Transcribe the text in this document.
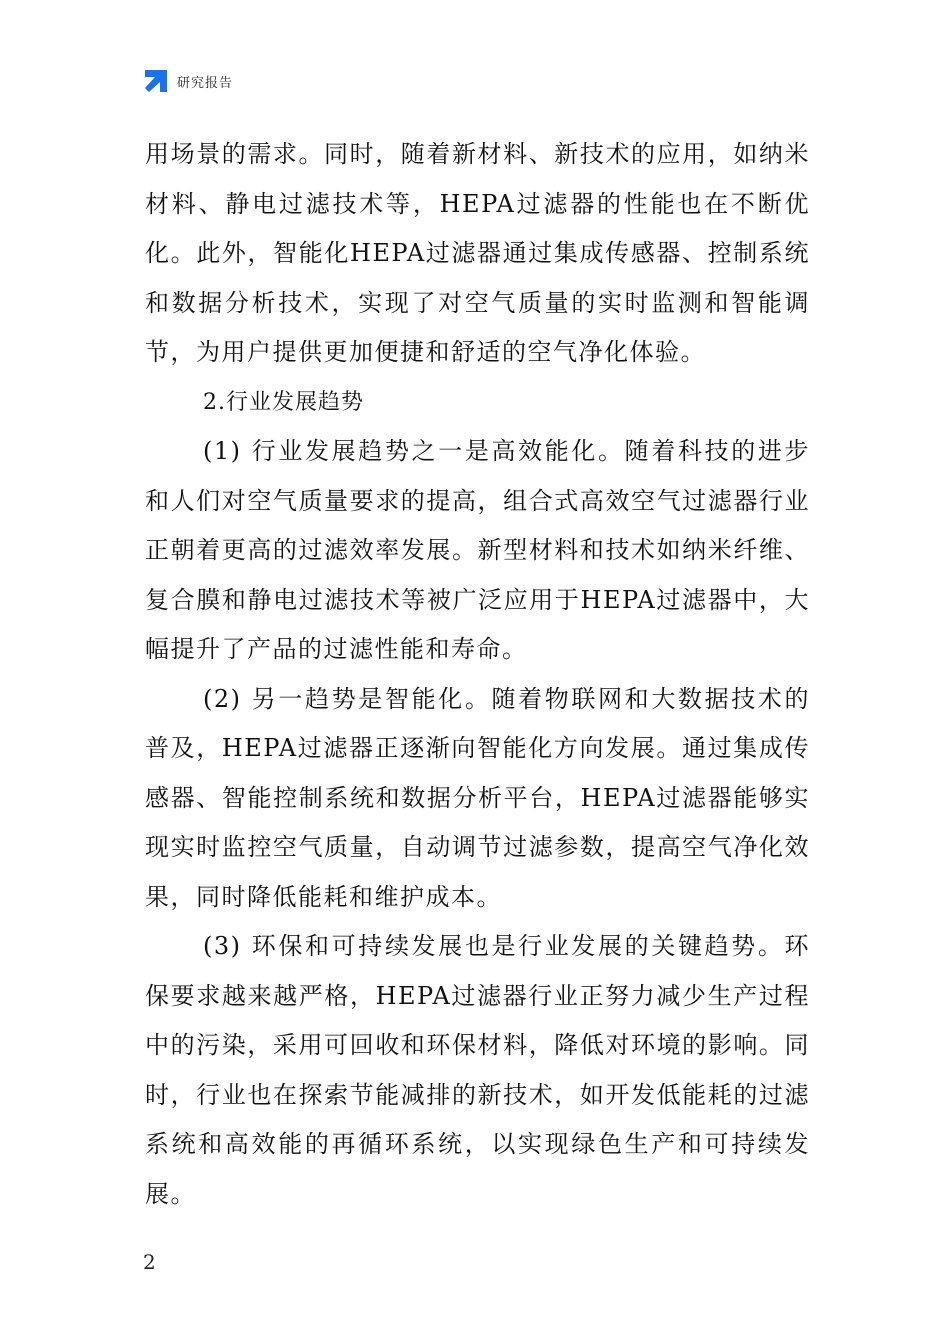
研究报告

用场景的需求。同时，随着新材料、新技术的应用，如纳米材料、静电过滤技术等，HEPA过滤器的性能也在不断优化。此外，智能化HEPA过滤器通过集成传感器、控制系统和数据分析技术，实现了对空气质量的实时监测和智能调节，为用户提供更加便捷和舒适的空气净化体验。

2.行业发展趋势

(1) 行业发展趋势之一是高效能化。随着科技的进步和人们对空气质量要求的提高，组合式高效空气过滤器行业正朝着更高的过滤效率发展。新型材料和技术如纳米纤维、复合膜和静电过滤技术等被广泛应用于HEPA过滤器中，大幅提升了产品的过滤性能和寿命。

(2) 另一趋势是智能化。随着物联网和大数据技术的普及，HEPA过滤器正逐渐向智能化方向发展。通过集成传感器、智能控制系统和数据分析平台，HEPA过滤器能够实现实时监控空气质量，自动调节过滤参数，提高空气净化效果，同时降低能耗和维护成本。

(3) 环保和可持续发展也是行业发展的关键趋势。环保要求越来越严格，HEPA过滤器行业正努力减少生产过程中的污染，采用可回收和环保材料，降低对环境的影响。同时，行业也在探索节能减排的新技术，如开发低能耗的过滤系统和高效能的再循环系统，以实现绿色生产和可持续发展。

2
